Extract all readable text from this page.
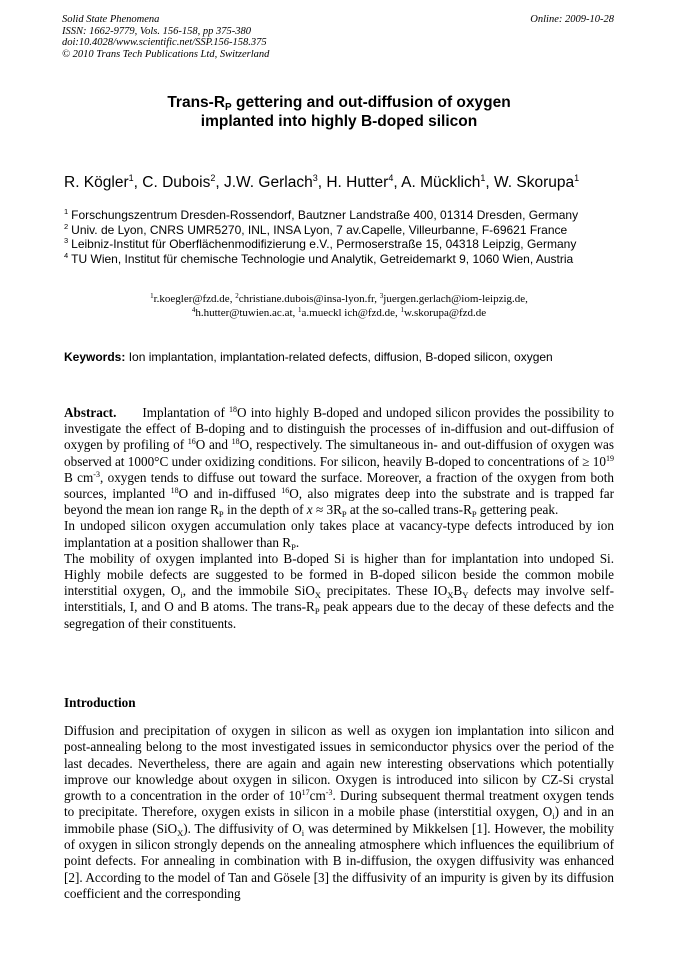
Solid State Phenomena
ISSN: 1662-9779, Vols. 156-158, pp 375-380
doi:10.4028/www.scientific.net/SSP.156-158.375
© 2010 Trans Tech Publications Ltd, Switzerland
Online: 2009-10-28
Trans-$R_P$ gettering and out-diffusion of oxygen
implanted into highly B-doped silicon
R. Kögler$^1$, C. Dubois$^2$, J.W. Gerlach$^3$, H. Hutter$^4$, A. Mücklich$^1$, W. Skorupa$^1$
$^1$ Forschungszentrum Dresden-Rossendorf, Bautzner Landstraße 400, 01314 Dresden, Germany
$^2$ Univ. de Lyon, CNRS UMR5270, INL, INSA Lyon, 7 av.Capelle, Villeurbanne, F-69621 France
$^3$ Leibniz-Institut für Oberflächenmodifizierung e.V., Permoserstraße 15, 04318 Leipzig, Germany
$^4$ TU Wien, Institut für chemische Technologie und Analytik, Getreidemarkt 9, 1060 Wien, Austria
$^1$r.koegler@fzd.de, $^2$christiane.dubois@insa-lyon.fr, $^3$juergen.gerlach@iom-leipzig.de,
$^4$h.hutter@tuwien.ac.at, $^1$a.mueckl ich@fzd.de, $^1$w.skorupa@fzd.de
Keywords: Ion implantation, implantation-related defects, diffusion, B-doped silicon, oxygen

Abstract. Implantation of $^{18}$O into highly B-doped and undoped silicon provides the possibility to investigate the effect of B-doping and to distinguish the processes of in-diffusion and out-diffusion of oxygen by profiling of $^{16}$O and $^{18}$O, respectively. The simultaneous in- and out-diffusion of oxygen was observed at 1000°C under oxidizing conditions. For silicon, heavily B-doped to concentrations of ≥ $10^{19}$ B $cm^{-3}$, oxygen tends to diffuse out toward the surface. Moreover, a fraction of the oxygen from both sources, implanted $^{18}$O and in-diffused $^{16}$O, also migrates deep into the substrate and is trapped far beyond the mean ion range $R_P$ in the depth of $x \approx 3R_P$ at the so-called trans-$R_P$ gettering peak.

In undoped silicon oxygen accumulation only takes place at vacancy-type defects introduced by ion implantation at a position shallower than $R_P$.

The mobility of oxygen implanted into B-doped Si is higher than for implantation into undoped Si. Highly mobile defects are suggested to be formed in B-doped silicon beside the common mobile interstitial oxygen, $O_i$, and the immobile SiO$_X$ precipitates. These $IO_XB_Y$ defects may involve self-interstitials, I, and O and B atoms. The trans-$R_P$ peak appears due to the decay of these defects and the segregation of their constituents.

Introduction

Diffusion and precipitation of oxygen in silicon as well as oxygen ion implantation into silicon and post-annealing belong to the most investigated issues in semiconductor physics over the period of the last decades. Nevertheless, there are again and again new interesting observations which potentially improve our knowledge about oxygen in silicon. Oxygen is introduced into silicon by CZ-Si crystal growth to a concentration in the order of $10^{17}cm^{-3}$. During subsequent thermal treatment oxygen tends to precipitate. Therefore, oxygen exists in silicon in a mobile phase (interstitial oxygen, $O_i$) and in an immobile phase (SiO$_X$). The diffusivity of $O_i$ was determined by Mikkelsen [1]. However, the mobility of oxygen in silicon strongly depends on the annealing atmosphere which influences the equilibrium of point defects. For annealing in combination with B in-diffusion, the oxygen diffusivity was enhanced [2]. According to the model of Tan and Gösele [3] the diffusivity of an impurity is given by its diffusion coefficient and the corresponding
